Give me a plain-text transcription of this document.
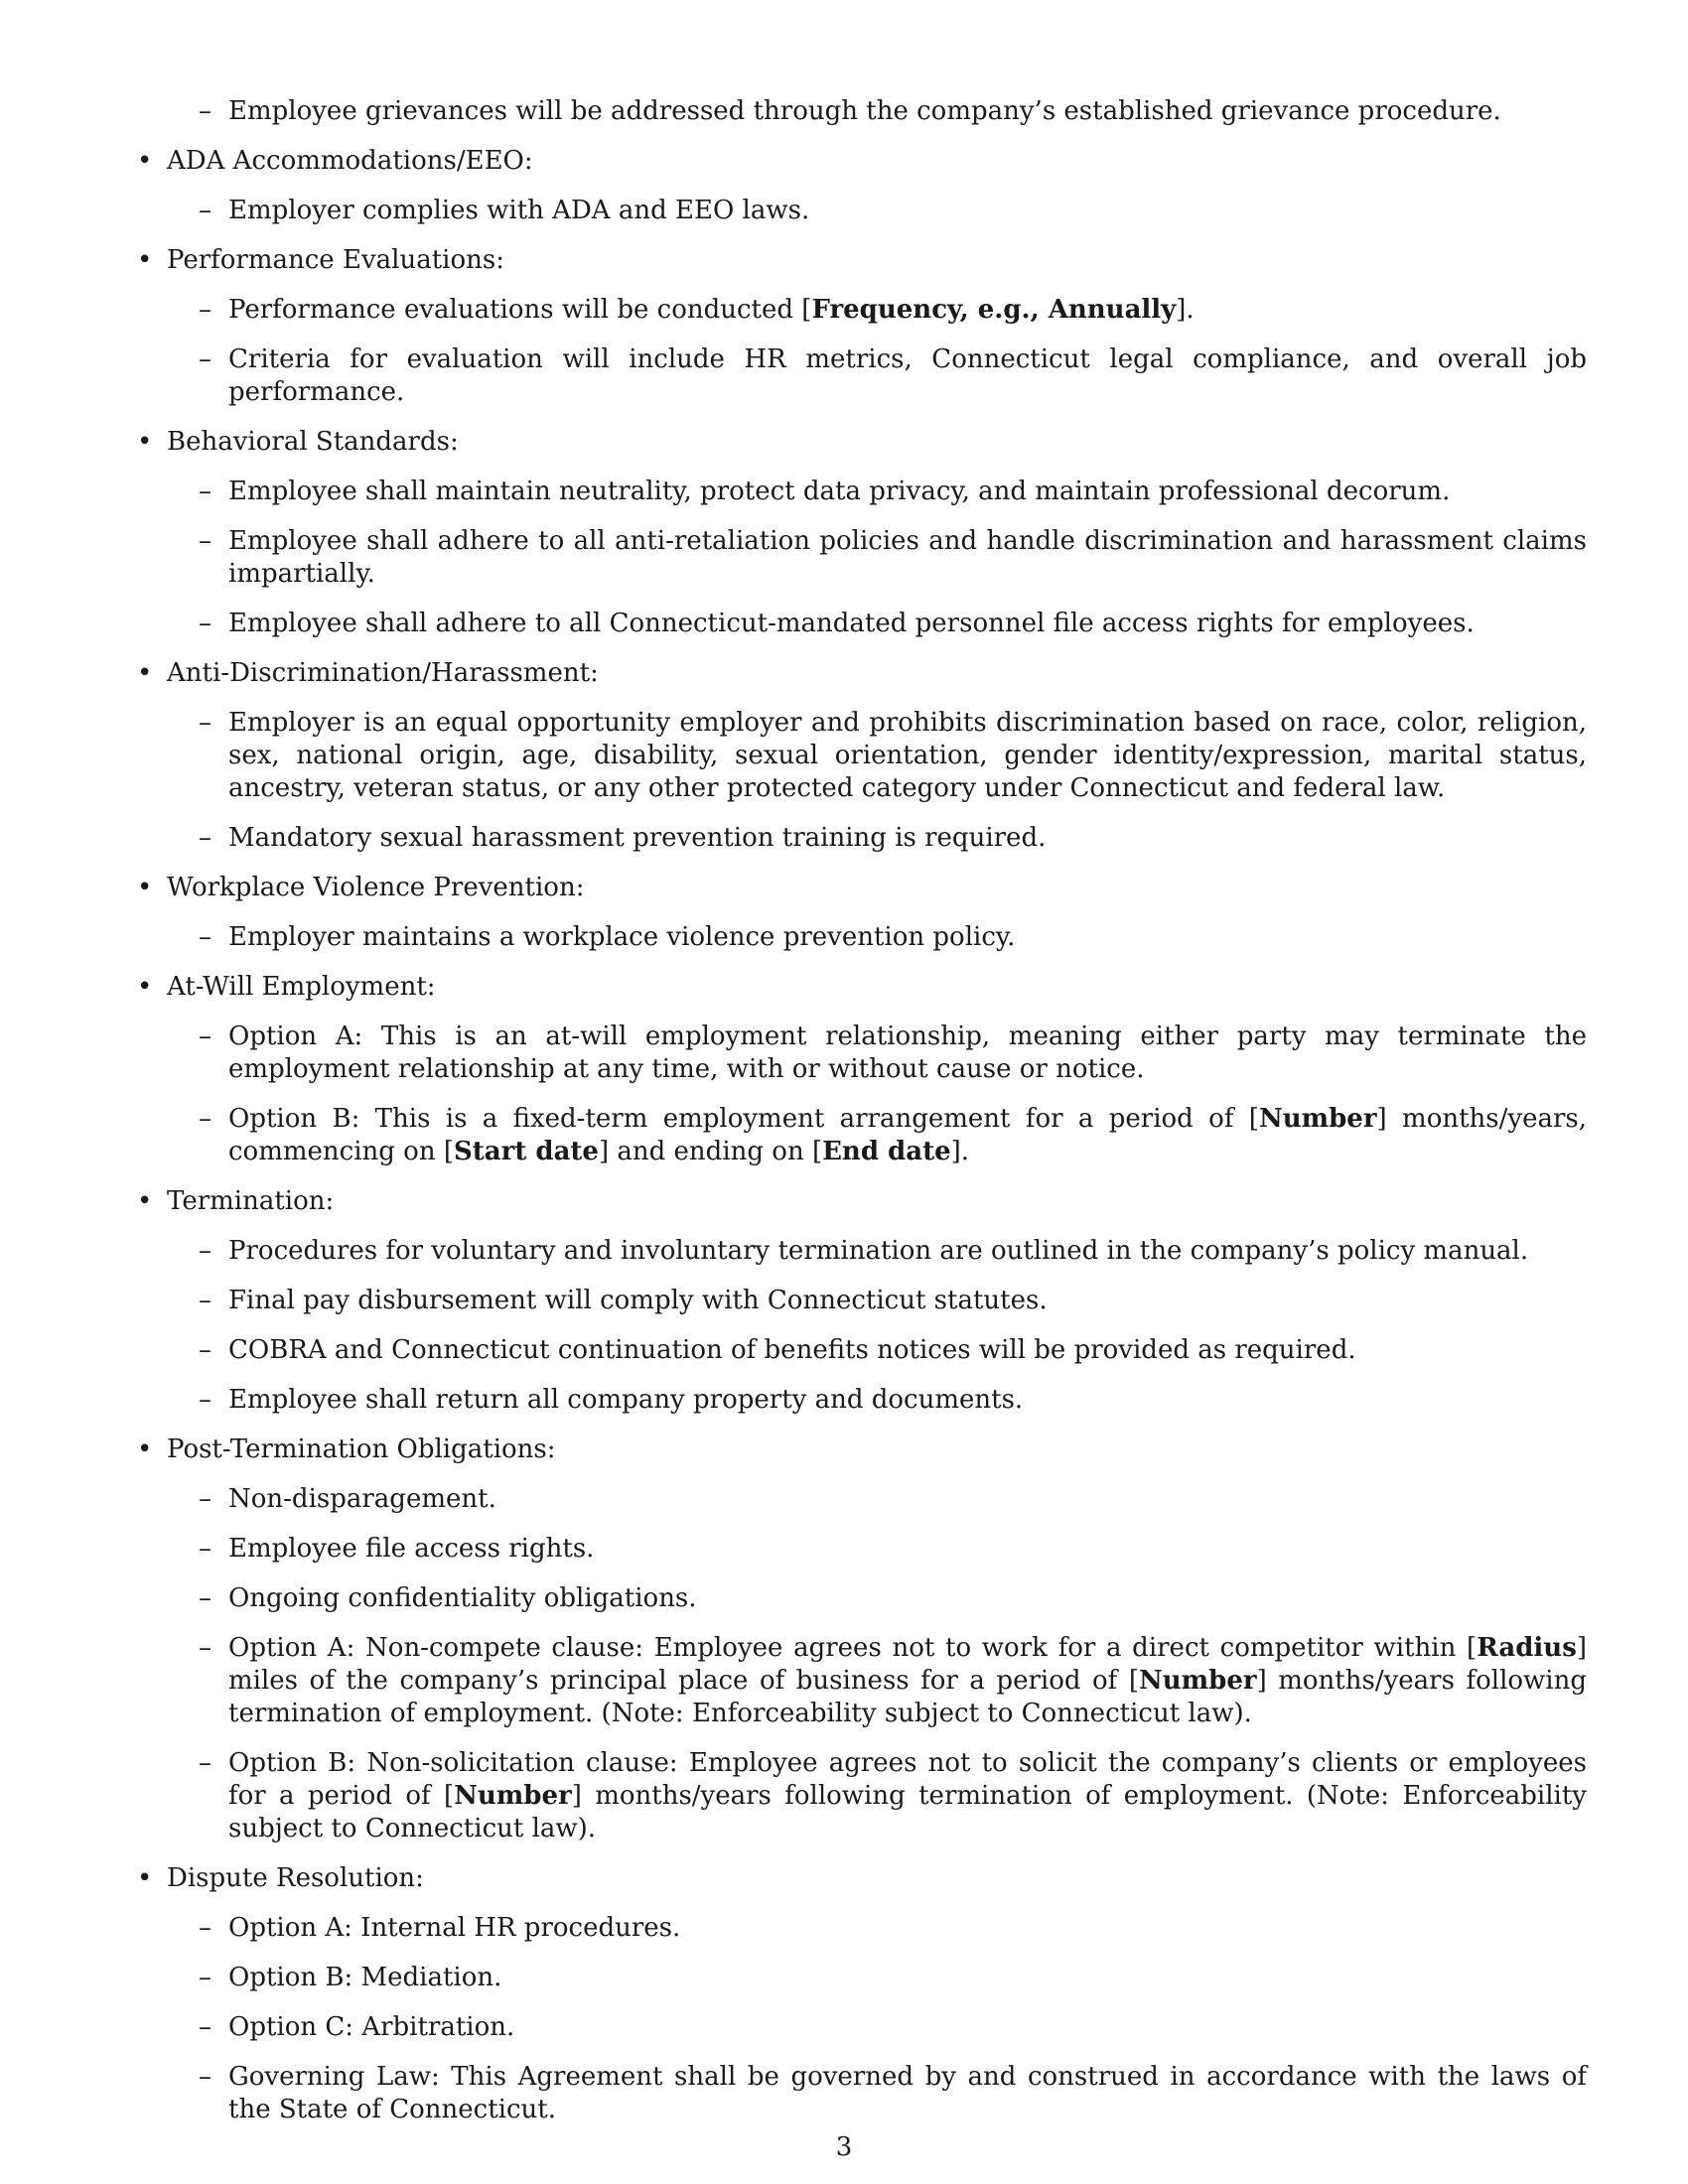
– Employee grievances will be addressed through the company’s established grievance procedure.
• ADA Accommodations/EEO:
– Employer complies with ADA and EEO laws.
• Performance Evaluations:
– Performance evaluations will be conducted [Frequency, e.g., Annually].
– Criteria for evaluation will include HR metrics, Connecticut legal compliance, and overall job performance.
• Behavioral Standards:
– Employee shall maintain neutrality, protect data privacy, and maintain professional decorum.
– Employee shall adhere to all anti-retaliation policies and handle discrimination and harassment claims impartially.
– Employee shall adhere to all Connecticut-mandated personnel file access rights for employees.
• Anti-Discrimination/Harassment:
– Employer is an equal opportunity employer and prohibits discrimination based on race, color, religion, sex, national origin, age, disability, sexual orientation, gender identity/expression, marital status, ancestry, veteran status, or any other protected category under Connecticut and federal law.
– Mandatory sexual harassment prevention training is required.
• Workplace Violence Prevention:
– Employer maintains a workplace violence prevention policy.
• At-Will Employment:
– Option A: This is an at-will employment relationship, meaning either party may terminate the employment relationship at any time, with or without cause or notice.
– Option B: This is a fixed-term employment arrangement for a period of [Number] months/years, commencing on [Start date] and ending on [End date].
• Termination:
– Procedures for voluntary and involuntary termination are outlined in the company’s policy manual.
– Final pay disbursement will comply with Connecticut statutes.
– COBRA and Connecticut continuation of benefits notices will be provided as required.
– Employee shall return all company property and documents.
• Post-Termination Obligations:
– Non-disparagement.
– Employee file access rights.
– Ongoing confidentiality obligations.
– Option A: Non-compete clause: Employee agrees not to work for a direct competitor within [Radius] miles of the company’s principal place of business for a period of [Number] months/years following termination of employment. (Note: Enforceability subject to Connecticut law).
– Option B: Non-solicitation clause: Employee agrees not to solicit the company’s clients or employees for a period of [Number] months/years following termination of employment. (Note: Enforceability subject to Connecticut law).
• Dispute Resolution:
– Option A: Internal HR procedures.
– Option B: Mediation.
– Option C: Arbitration.
– Governing Law: This Agreement shall be governed by and construed in accordance with the laws of the State of Connecticut.
3
